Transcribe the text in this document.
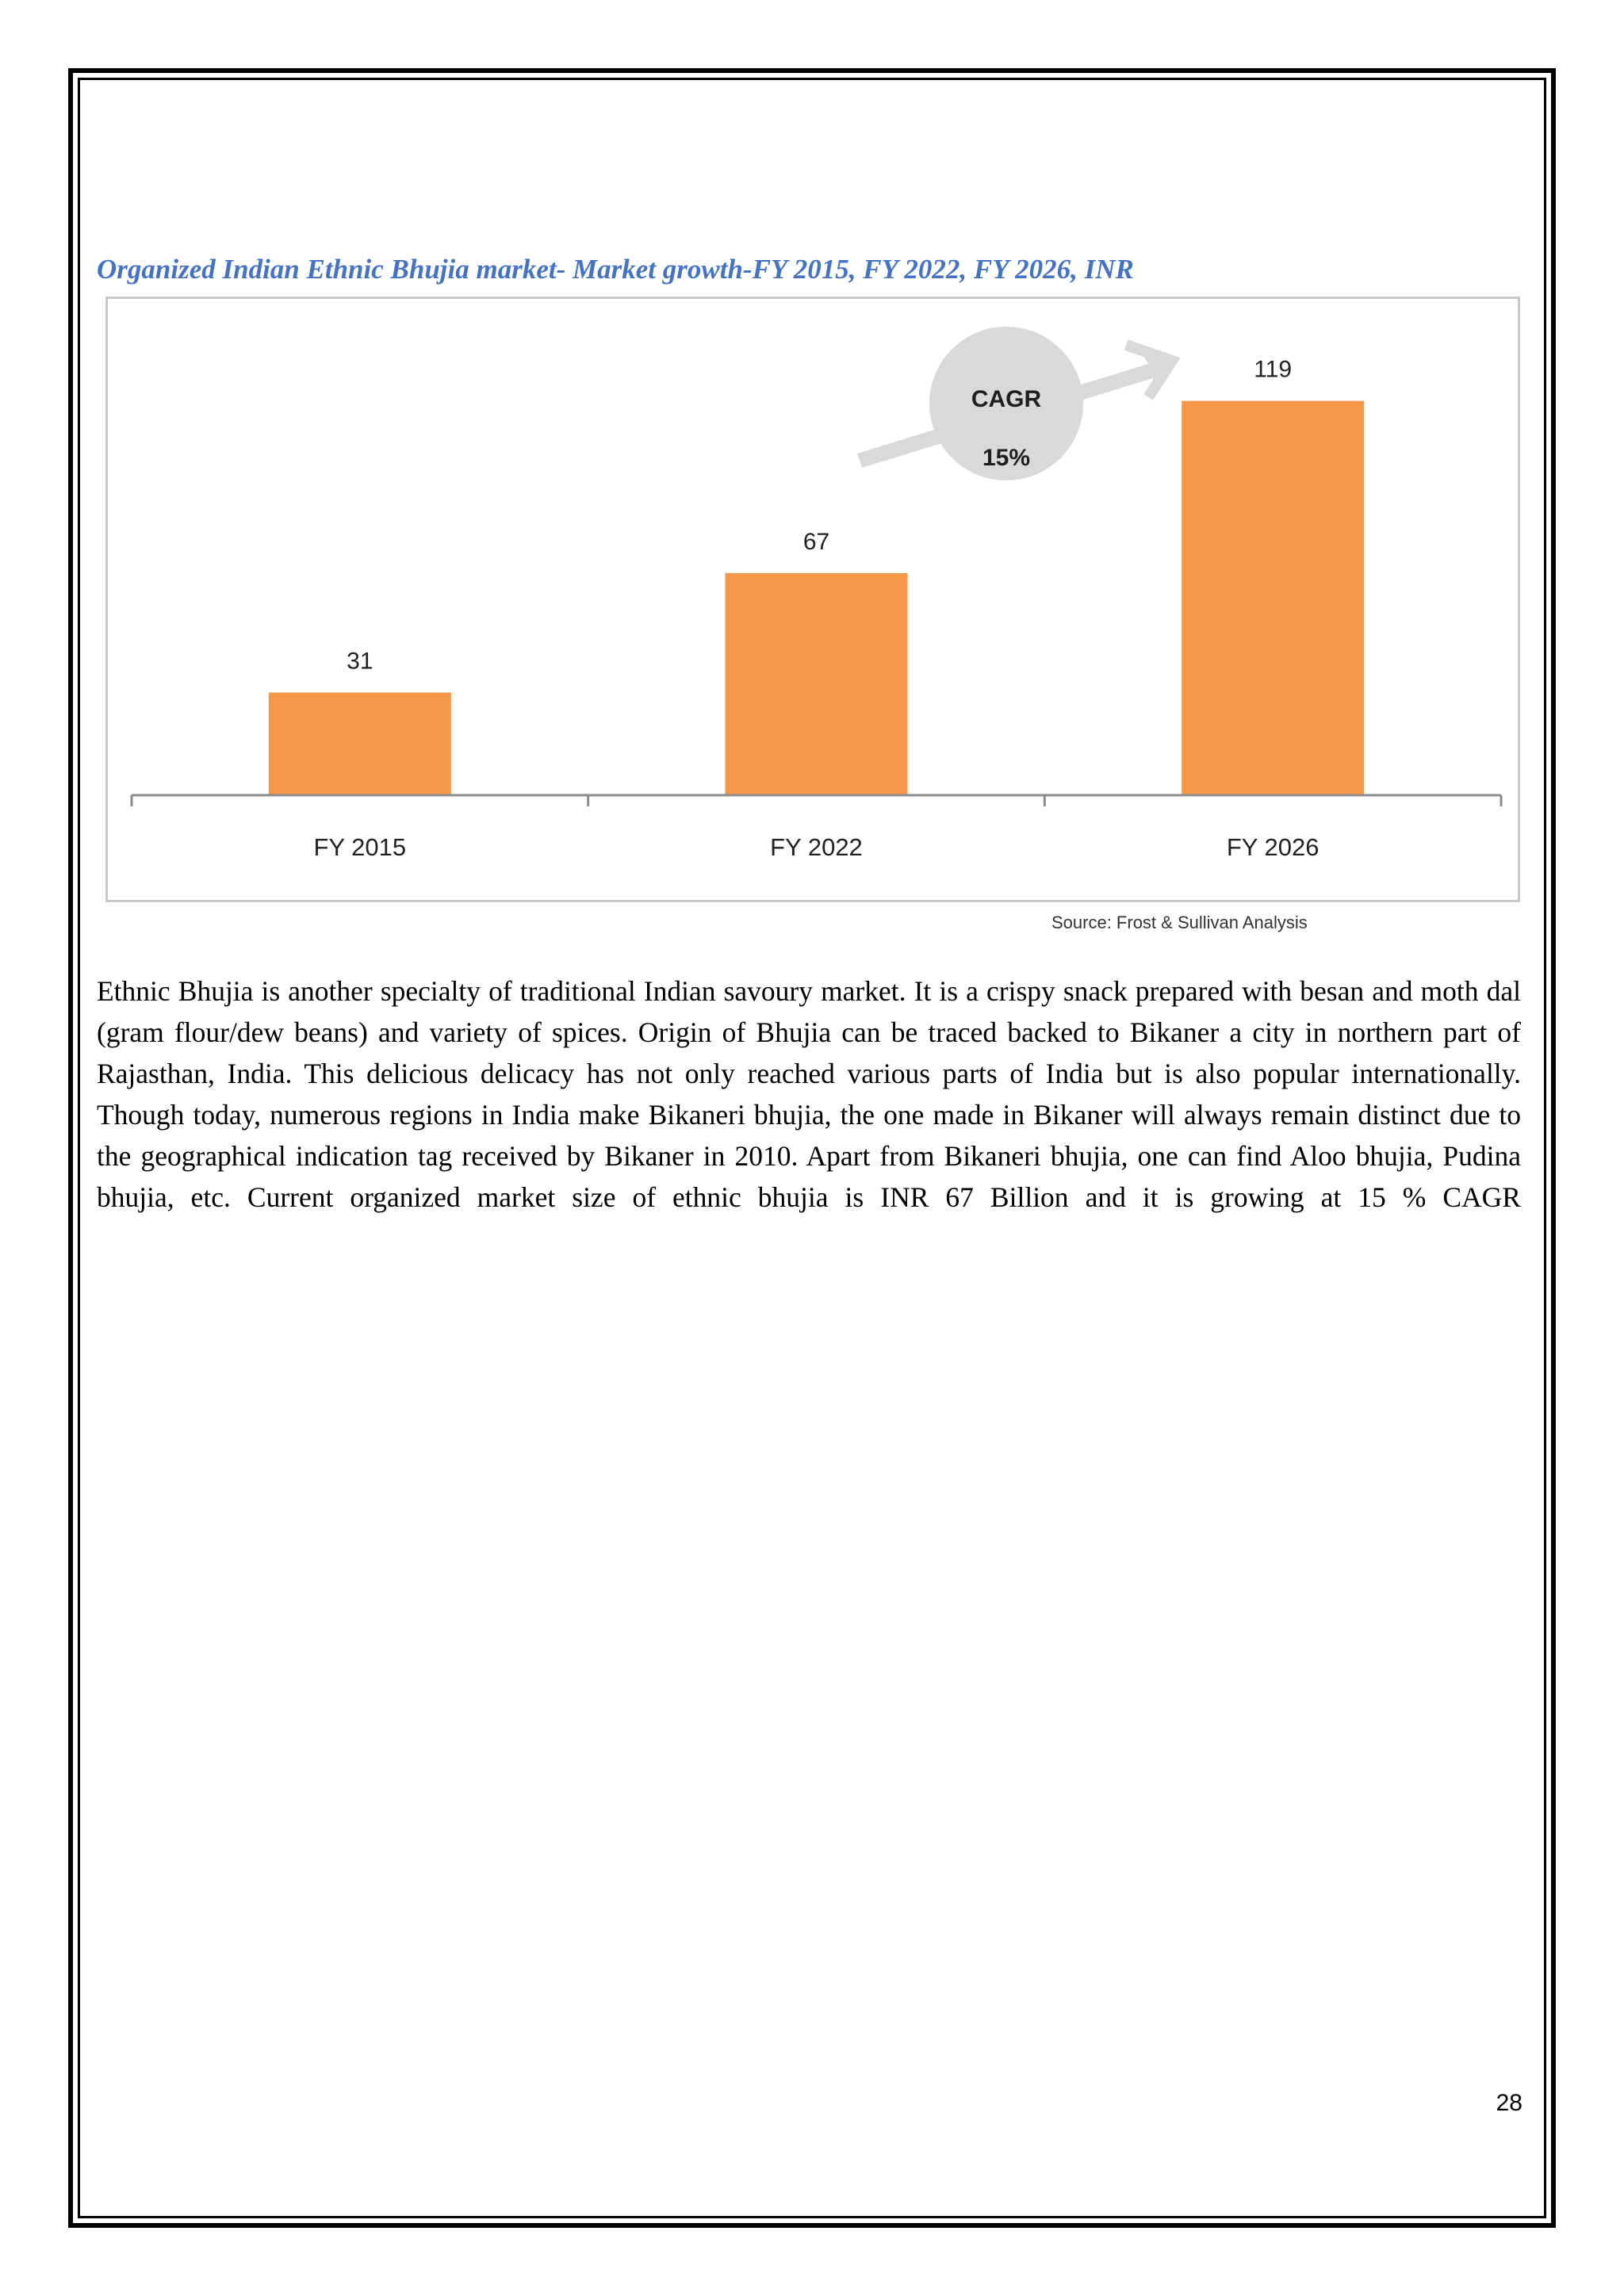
Organized Indian Ethnic Bhujia market- Market growth-FY 2015, FY 2022, FY 2026, INR
31
67
119
FY 2015	FY 2022	FY 2026
CAGR
15%
Source: Frost & Sullivan Analysis
Ethnic Bhujia is another specialty of traditional Indian savoury market. It is a crispy snack prepared with besan and moth dal (gram flour/dew beans) and variety of spices. Origin of Bhujia can be traced backed to Bikaner a city in northern part of Rajasthan, India. This delicious delicacy has not only reached various parts of India but is also popular internationally. Though today, numerous regions in India make Bikaneri bhujia, the one made in Bikaner will always remain distinct due to the geographical indication tag received by Bikaner in 2010. Apart from Bikaneri bhujia, one can find Aloo bhujia, Pudina bhujia, etc. Current organized market size of ethnic bhujia is INR 67 Billion and it is growing at 15 % CAGR
28
